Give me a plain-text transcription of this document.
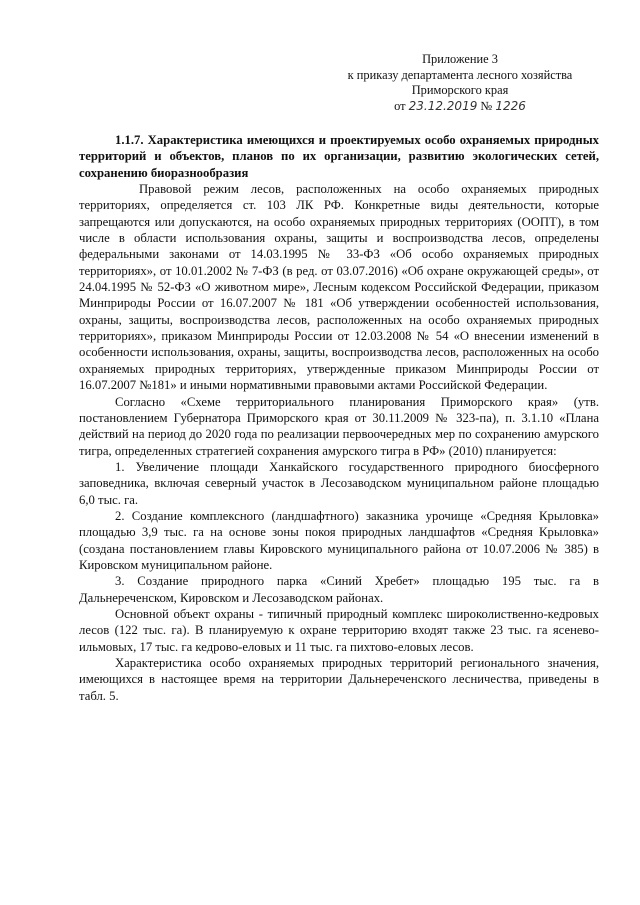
Приложение 3
к приказу департамента лесного хозяйства
Приморского края
от 23.12.2019 № 1226

1.1.7. Характеристика имеющихся и проектируемых особо охраняемых природных территорий и объектов, планов по их организации, развитию экологических сетей, сохранению биоразнообразия

Правовой режим лесов, расположенных на особо охраняемых природных территориях, определяется ст. 103 ЛК РФ. Конкретные виды деятельности, которые запрещаются или допускаются, на особо охраняемых природных территориях (ООПТ), в том числе в области использования охраны, защиты и воспроизводства лесов, определены федеральными законами от 14.03.1995 № 33-ФЗ «Об особо охраняемых природных территориях», от 10.01.2002 № 7-ФЗ (в ред. от 03.07.2016) «Об охране окружающей среды», от 24.04.1995 № 52-ФЗ «О животном мире», Лесным кодексом Российской Федерации, приказом Минприроды России от 16.07.2007 № 181 «Об утверждении особенностей использования, охраны, защиты, воспроизводства лесов, расположенных на особо охраняемых природных территориях», приказом Минприроды России от 12.03.2008 № 54 «О внесении изменений в особенности использования, охраны, защиты, воспроизводства лесов, расположенных на особо охраняемых природных территориях, утвержденные приказом Минприроды России от 16.07.2007 №181» и иными нормативными правовыми актами Российской Федерации.

Согласно «Схеме территориального планирования Приморского края» (утв. постановлением Губернатора Приморского края от 30.11.2009 № 323-па), п. 3.1.10 «Плана действий на период до 2020 года по реализации первоочередных мер по сохранению амурского тигра, определенных стратегией сохранения амурского тигра в РФ» (2010) планируется:

1. Увеличение площади Ханкайского государственного природного биосферного заповедника, включая северный участок в Лесозаводском муниципальном районе площадью 6,0 тыс. га.

2. Создание комплексного (ландшафтного) заказника урочище «Средняя Крыловка» площадью 3,9 тыс. га на основе зоны покоя природных ландшафтов «Средняя Крыловка» (создана постановлением главы Кировского муниципального района от 10.07.2006 № 385) в Кировском муниципальном районе.

3. Создание природного парка «Синий Хребет» площадью 195 тыс. га в Дальнереченском, Кировском и Лесозаводском районах.

Основной объект охраны - типичный природный комплекс широколиственно-кедровых лесов (122 тыс. га). В планируемую к охране территорию входят также 23 тыс. га ясенево-ильмовых, 17 тыс. га кедрово-еловых и 11 тыс. га пихтово-еловых лесов.

Характеристика особо охраняемых природных территорий регионального значения, имеющихся в настоящее время на территории Дальнереченского лесничества, приведены в табл. 5.
